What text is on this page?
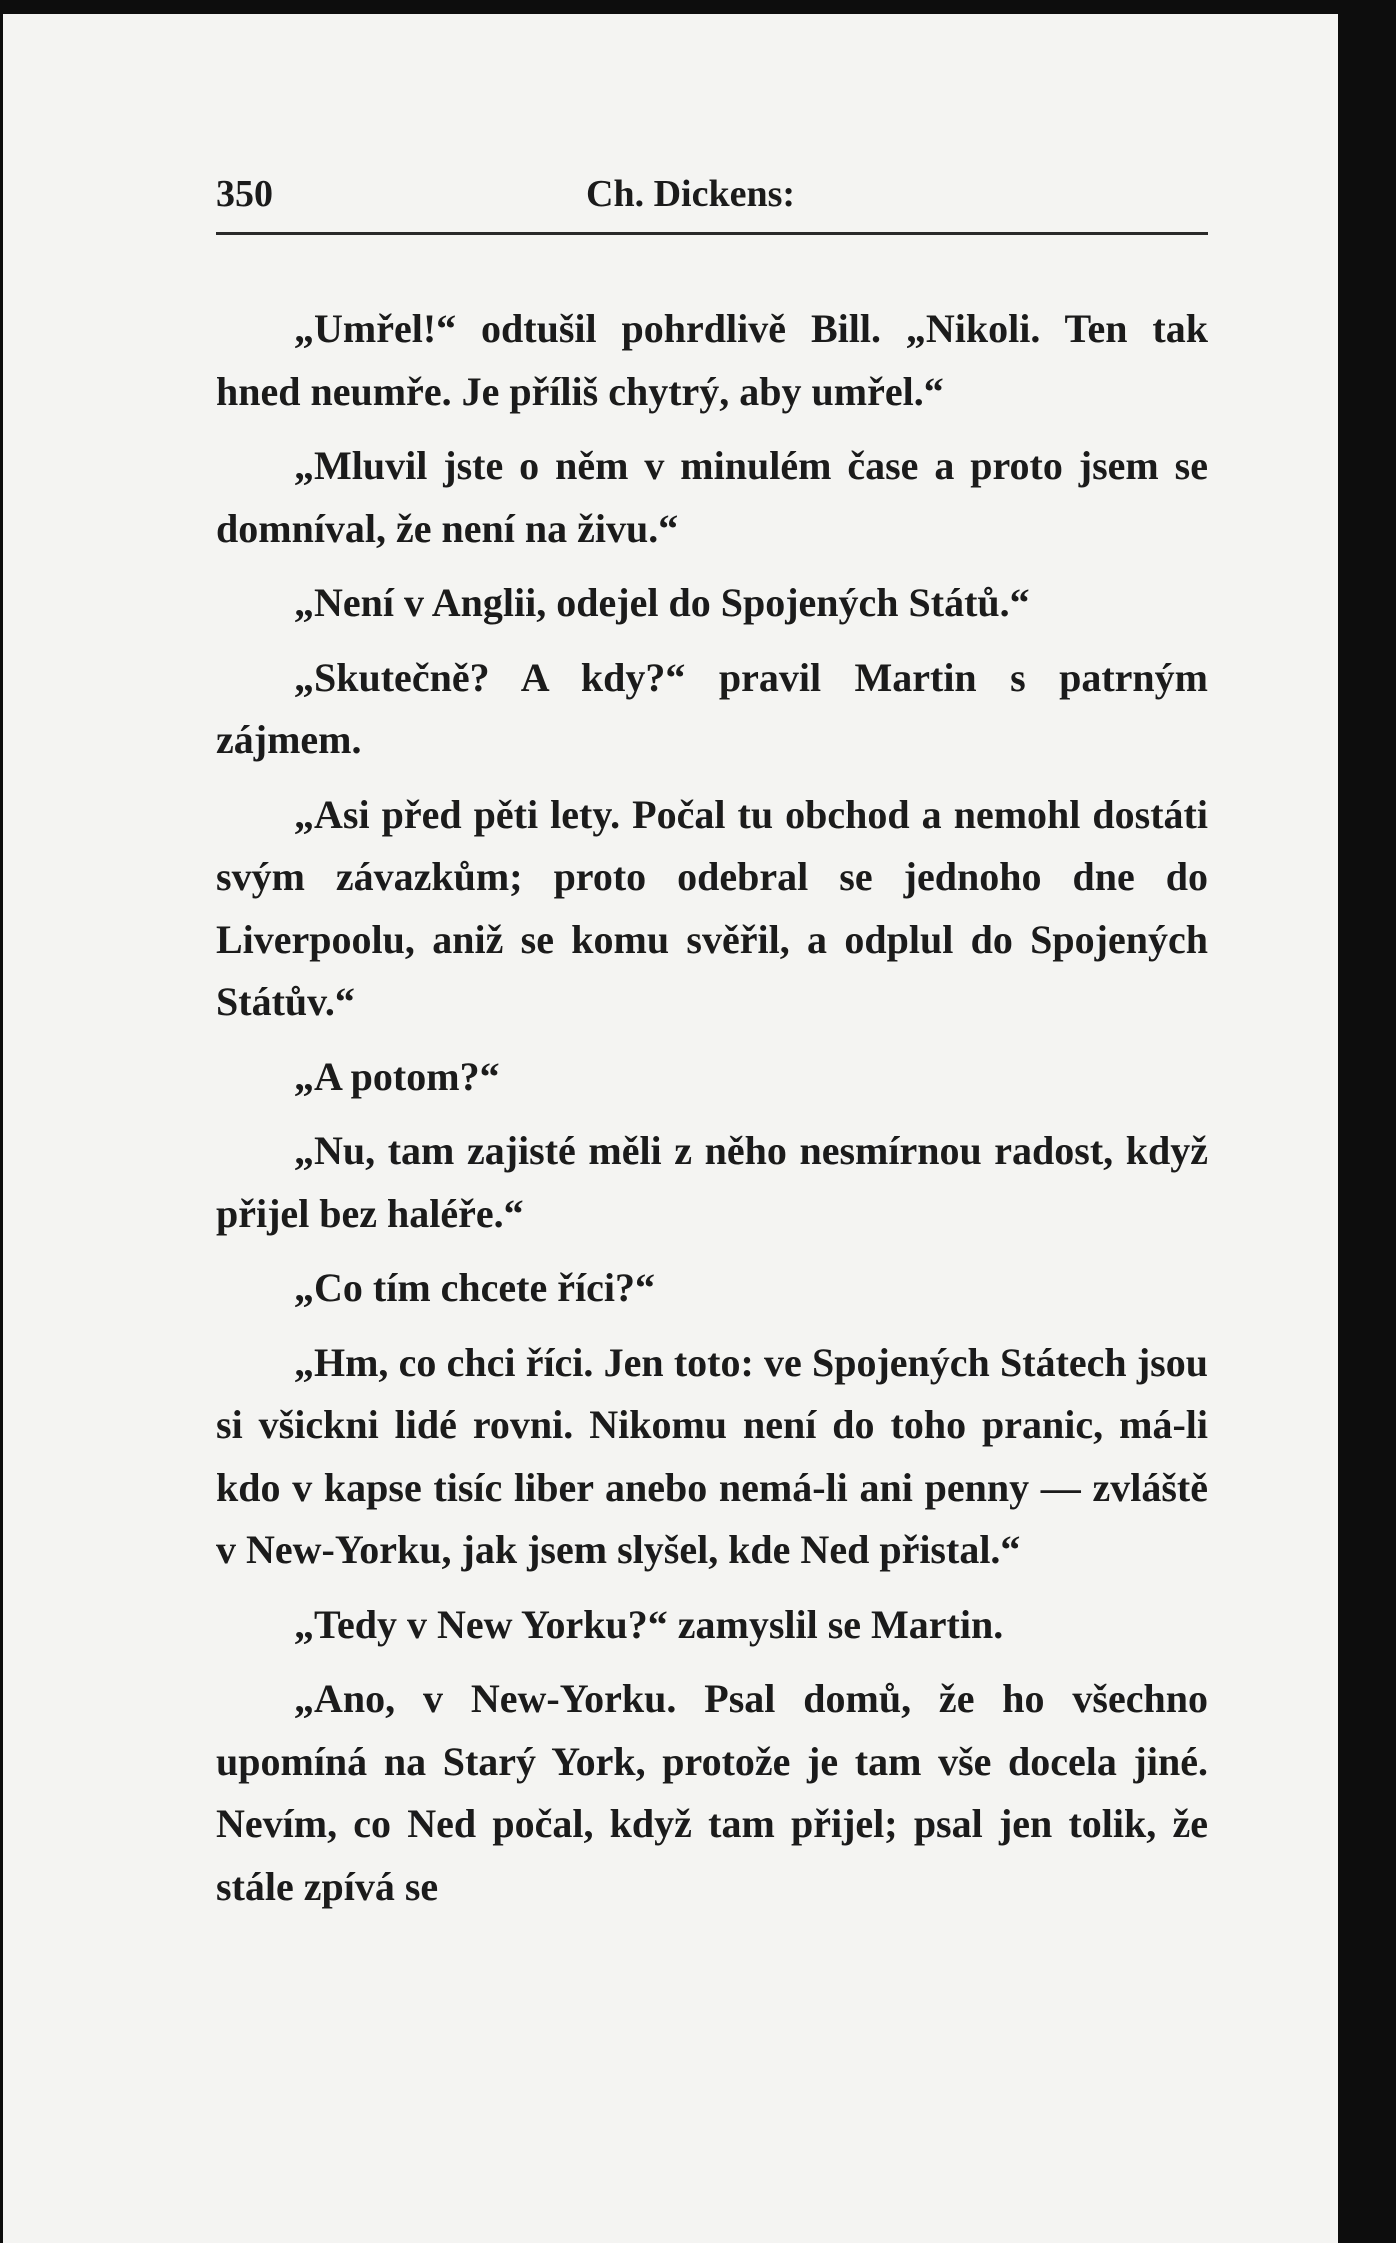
350	Ch. Dickens:

„Umřel!“ odtušil pohrdlivě Bill. „Nikoli. Ten tak hned neumře. Je příliš chytrý, aby umřel.“

„Mluvil jste o něm v minulém čase a proto jsem se domníval, že není na živu.“

„Není v Anglii, odejel do Spojených Států.“

„Skutečně? A kdy?“ pravil Martin s patrným zájmem.

„Asi před pěti lety. Počal tu obchod a nemohl dostáti svým závazkům; proto odebral se jednoho dne do Liverpoolu, aniž se komu svěřil, a odplul do Spojených Státův.“

„A potom?“

„Nu, tam zajisté měli z něho nesmírnou radost, když přijel bez haléře.“

„Co tím chcete říci?“

„Hm, co chci říci. Jen toto: ve Spojených Státech jsou si všickni lidé rovni. Nikomu není do toho pranic, má-li kdo v kapse tisíc liber anebo nemá-li ani penny — zvláště v New-Yorku, jak jsem slyšel, kde Ned přistal.“

„Tedy v New Yorku?“ zamyslil se Martin.

„Ano, v New-Yorku. Psal domů, že ho všechno upomíná na Starý York, protože je tam vše docela jiné. Nevím, co Ned počal, když tam přijel; psal jen tolik, že stále zpívá se
